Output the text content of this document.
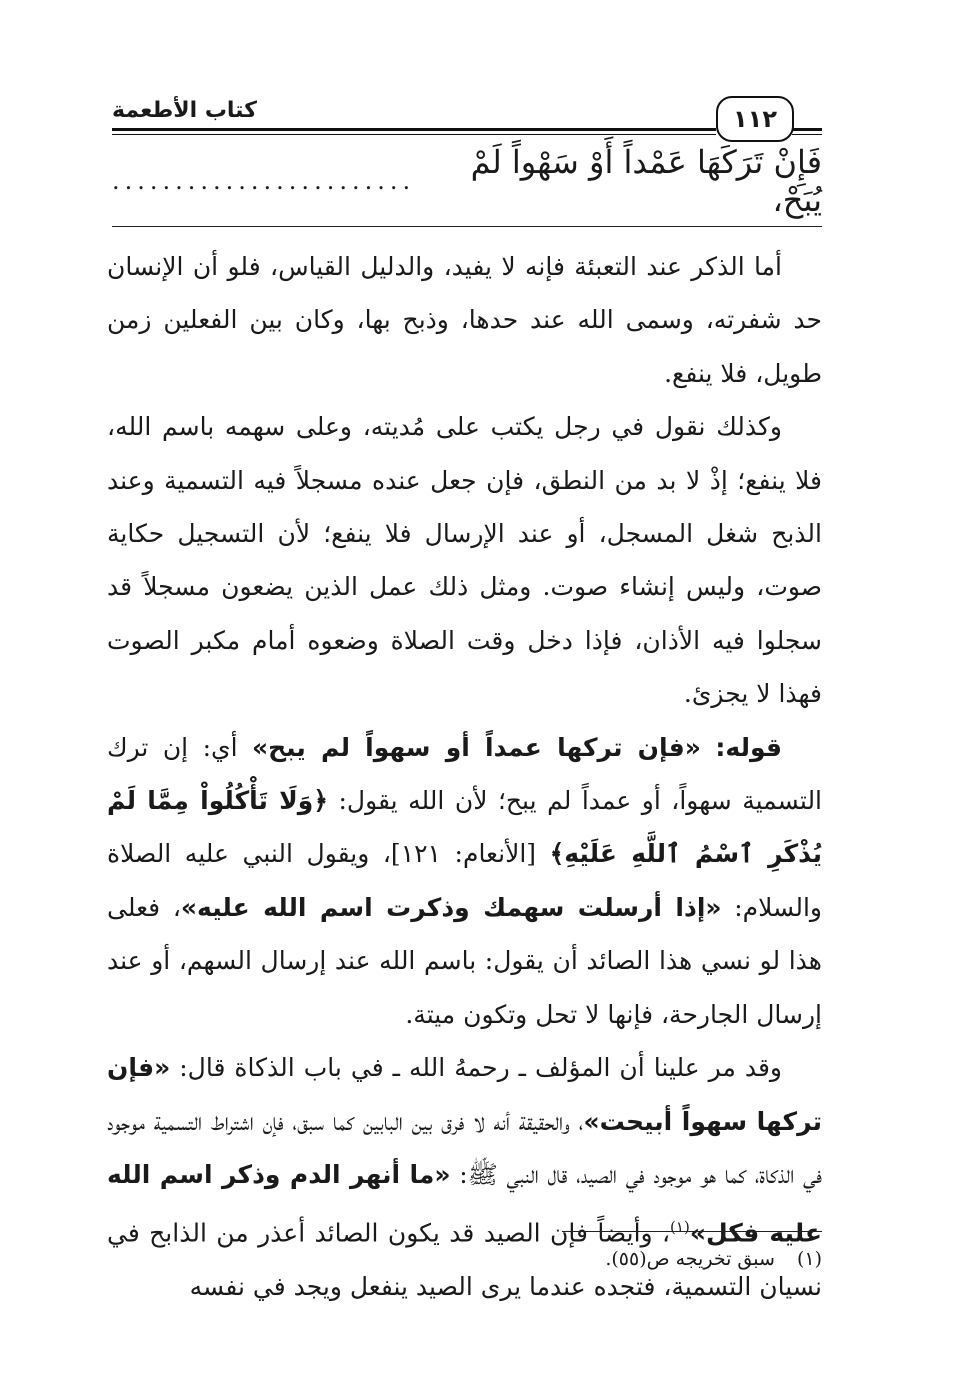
كتاب الأطعمة	١١٢
فَإِنْ تَرَكَهَا عَمْداً أَوْ سَهْواً لَمْ يُبَحْ،
........................

أما الذكر عند التعبئة فإنه لا يفيد، والدليل القياس، فلو أن الإنسان حد شفرته، وسمى الله عند حدها، وذبح بها، وكان بين الفعلين زمن طويل، فلا ينفع.

وكذلك نقول في رجل يكتب على مُديته، وعلى سهمه باسم الله، فلا ينفع؛ إذْ لا بد من النطق، فإن جعل عنده مسجلاً فيه التسمية وعند الذبح شغل المسجل، أو عند الإرسال فلا ينفع؛ لأن التسجيل حكاية صوت، وليس إنشاء صوت. ومثل ذلك عمل الذين يضعون مسجلاً قد سجلوا فيه الأذان، فإذا دخل وقت الصلاة وضعوه أمام مكبر الصوت فهذا لا يجزئ.

قوله: «فإن تركها عمداً أو سهواً لم يبح» أي: إن ترك التسمية سهواً، أو عمداً لم يبح؛ لأن الله يقول: ﴿وَلَا تَأْكُلُواْ مِمَّا لَمْ يُذْكَرِ ٱسْمُ ٱللَّهِ عَلَيْهِ﴾ [الأنعام: ١٢١]، ويقول النبي عليه الصلاة والسلام: «إذا أرسلت سهمك وذكرت اسم الله عليه»، فعلى هذا لو نسي هذا الصائد أن يقول: باسم الله عند إرسال السهم، أو عند إرسال الجارحة، فإنها لا تحل وتكون ميتة.

وقد مر علينا أن المؤلف ـ رحمهُ الله ـ في باب الذكاة قال: «فإن تركها سهواً أبيحت»، والحقيقة أنه لا فرق بين البابين كما سبق، فإن اشتراط التسمية موجود في الذكاة، كما هو موجود في الصيد، قال النبي ﷺ: «ما أنهر الدم وذكر اسم الله عليه فكل»$^{(١)}$، وأيضاً فإن الصيد قد يكون الصائد أعذر من الذابح في نسيان التسمية، فتجده عندما يرى الصيد ينفعل ويجد في نفسه

(١)سبق تخريجه ص(٥٥).
